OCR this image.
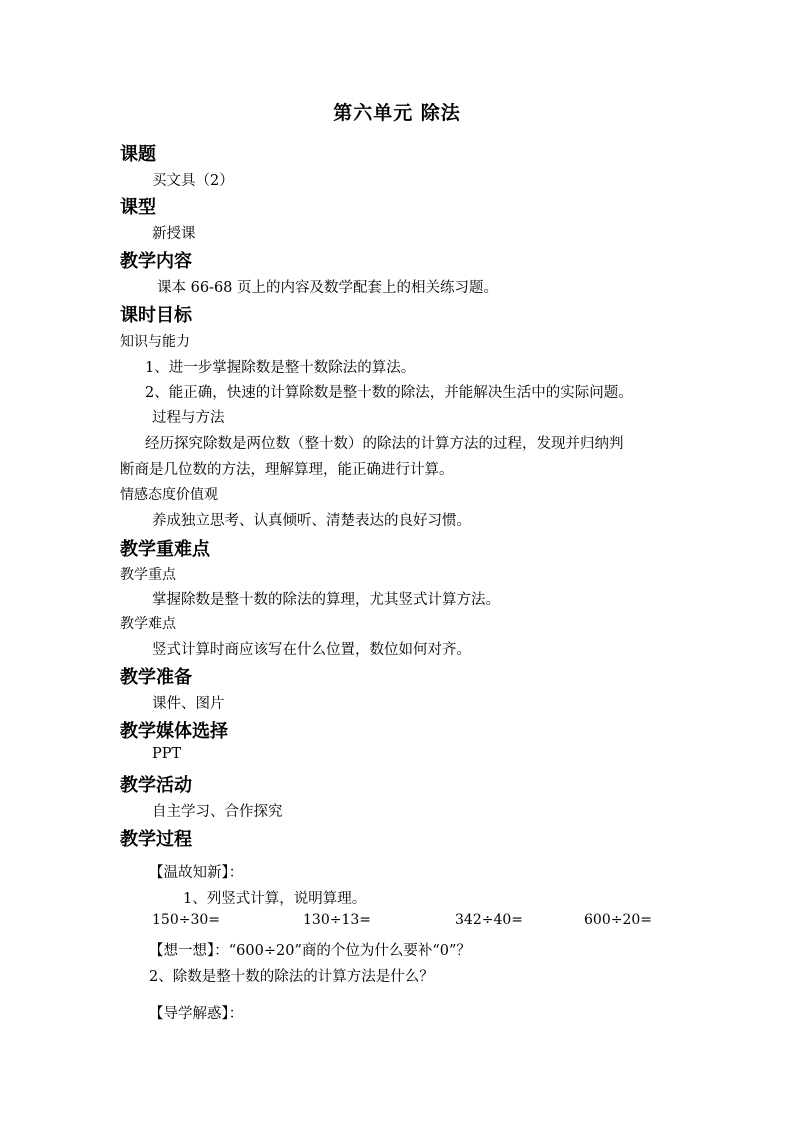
第六单元 除法
课题
买文具（2）
课型
新授课
教学内容
课本 66-68 页上的内容及数学配套上的相关练习题。
课时目标
知识与能力
1、进一步掌握除数是整十数除法的算法。
2、能正确，快速的计算除数是整十数的除法，并能解决生活中的实际问题。
过程与方法
经历探究除数是两位数（整十数）的除法的计算方法的过程，发现并归纳判
断商是几位数的方法，理解算理，能正确进行计算。
情感态度价值观
养成独立思考、认真倾听、清楚表达的良好习惯。
教学重难点
教学重点
掌握除数是整十数的除法的算理，尤其竖式计算方法。
教学难点
竖式计算时商应该写在什么位置，数位如何对齐。
教学准备
课件、图片
教学媒体选择
PPT
教学活动
自主学习、合作探究
教学过程
【温故知新】：
1、列竖式计算，说明算理。
150÷30=	130÷13=	342÷40=	600÷20=
【想一想】：“600÷20”商的个位为什么要补“0”？
2、除数是整十数的除法的计算方法是什么？
【导学解惑】：
